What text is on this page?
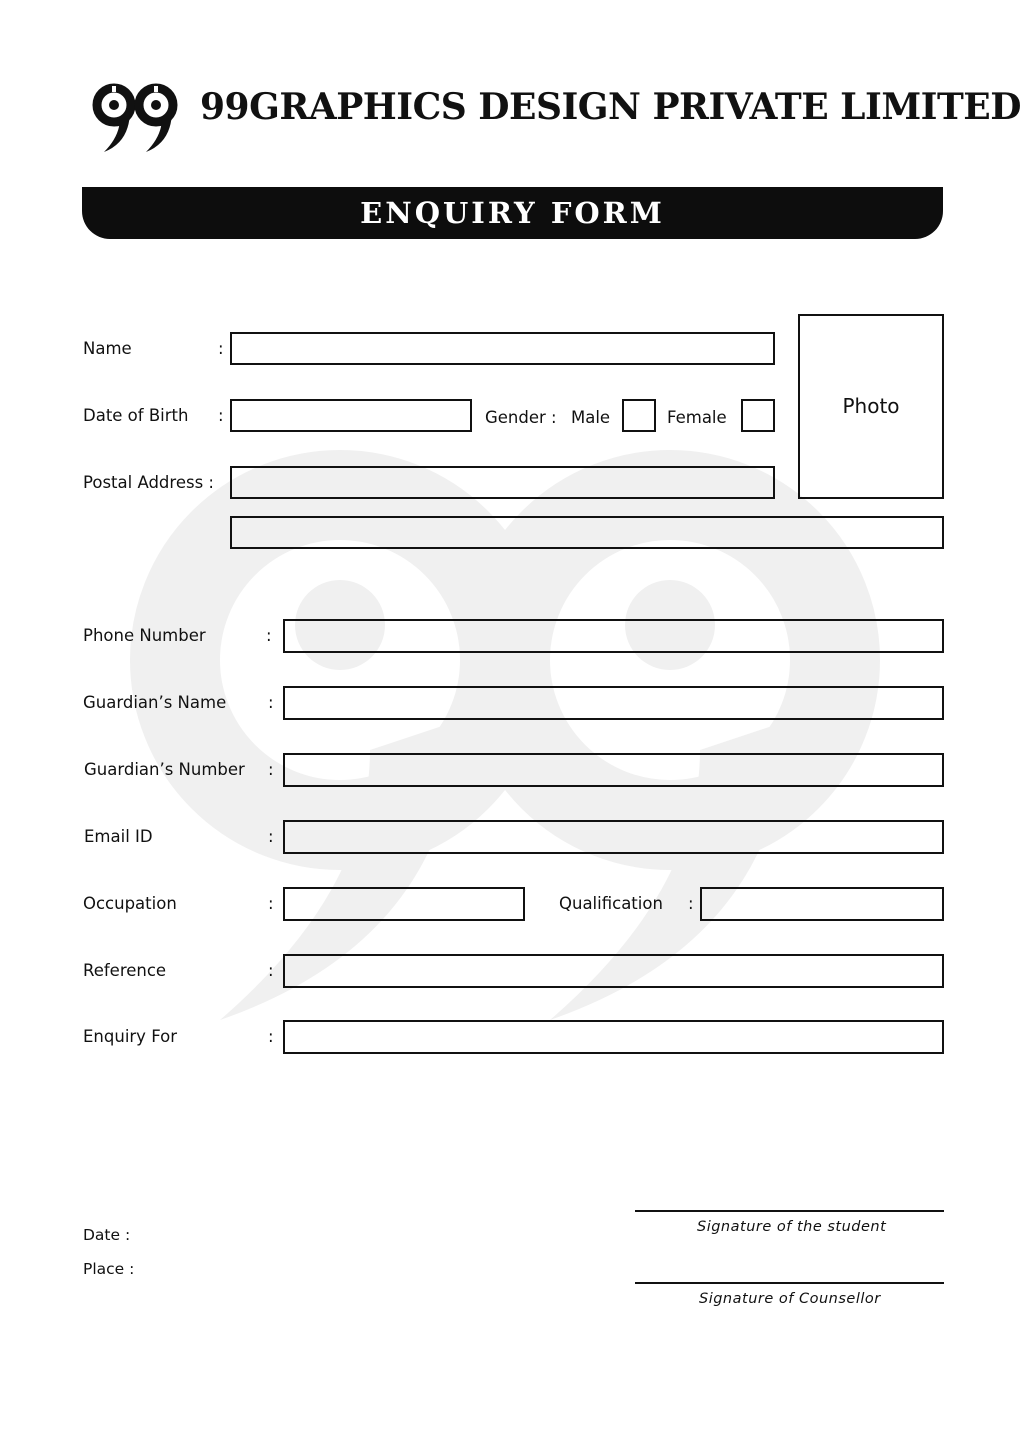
99GRAPHICS DESIGN PRIVATE LIMITED
ENQUIRY FORM
Photo
Name	:
Date of Birth :	Gender : Male	Female
Postal Address :
Phone Number	:
Guardian’s Name	:
Guardian’s Number :
Email ID	:
Occupation	:	Qualification :
Reference	:
Enquiry For	:
Date :
Place :
Signature of the student
Signature of Counsellor
